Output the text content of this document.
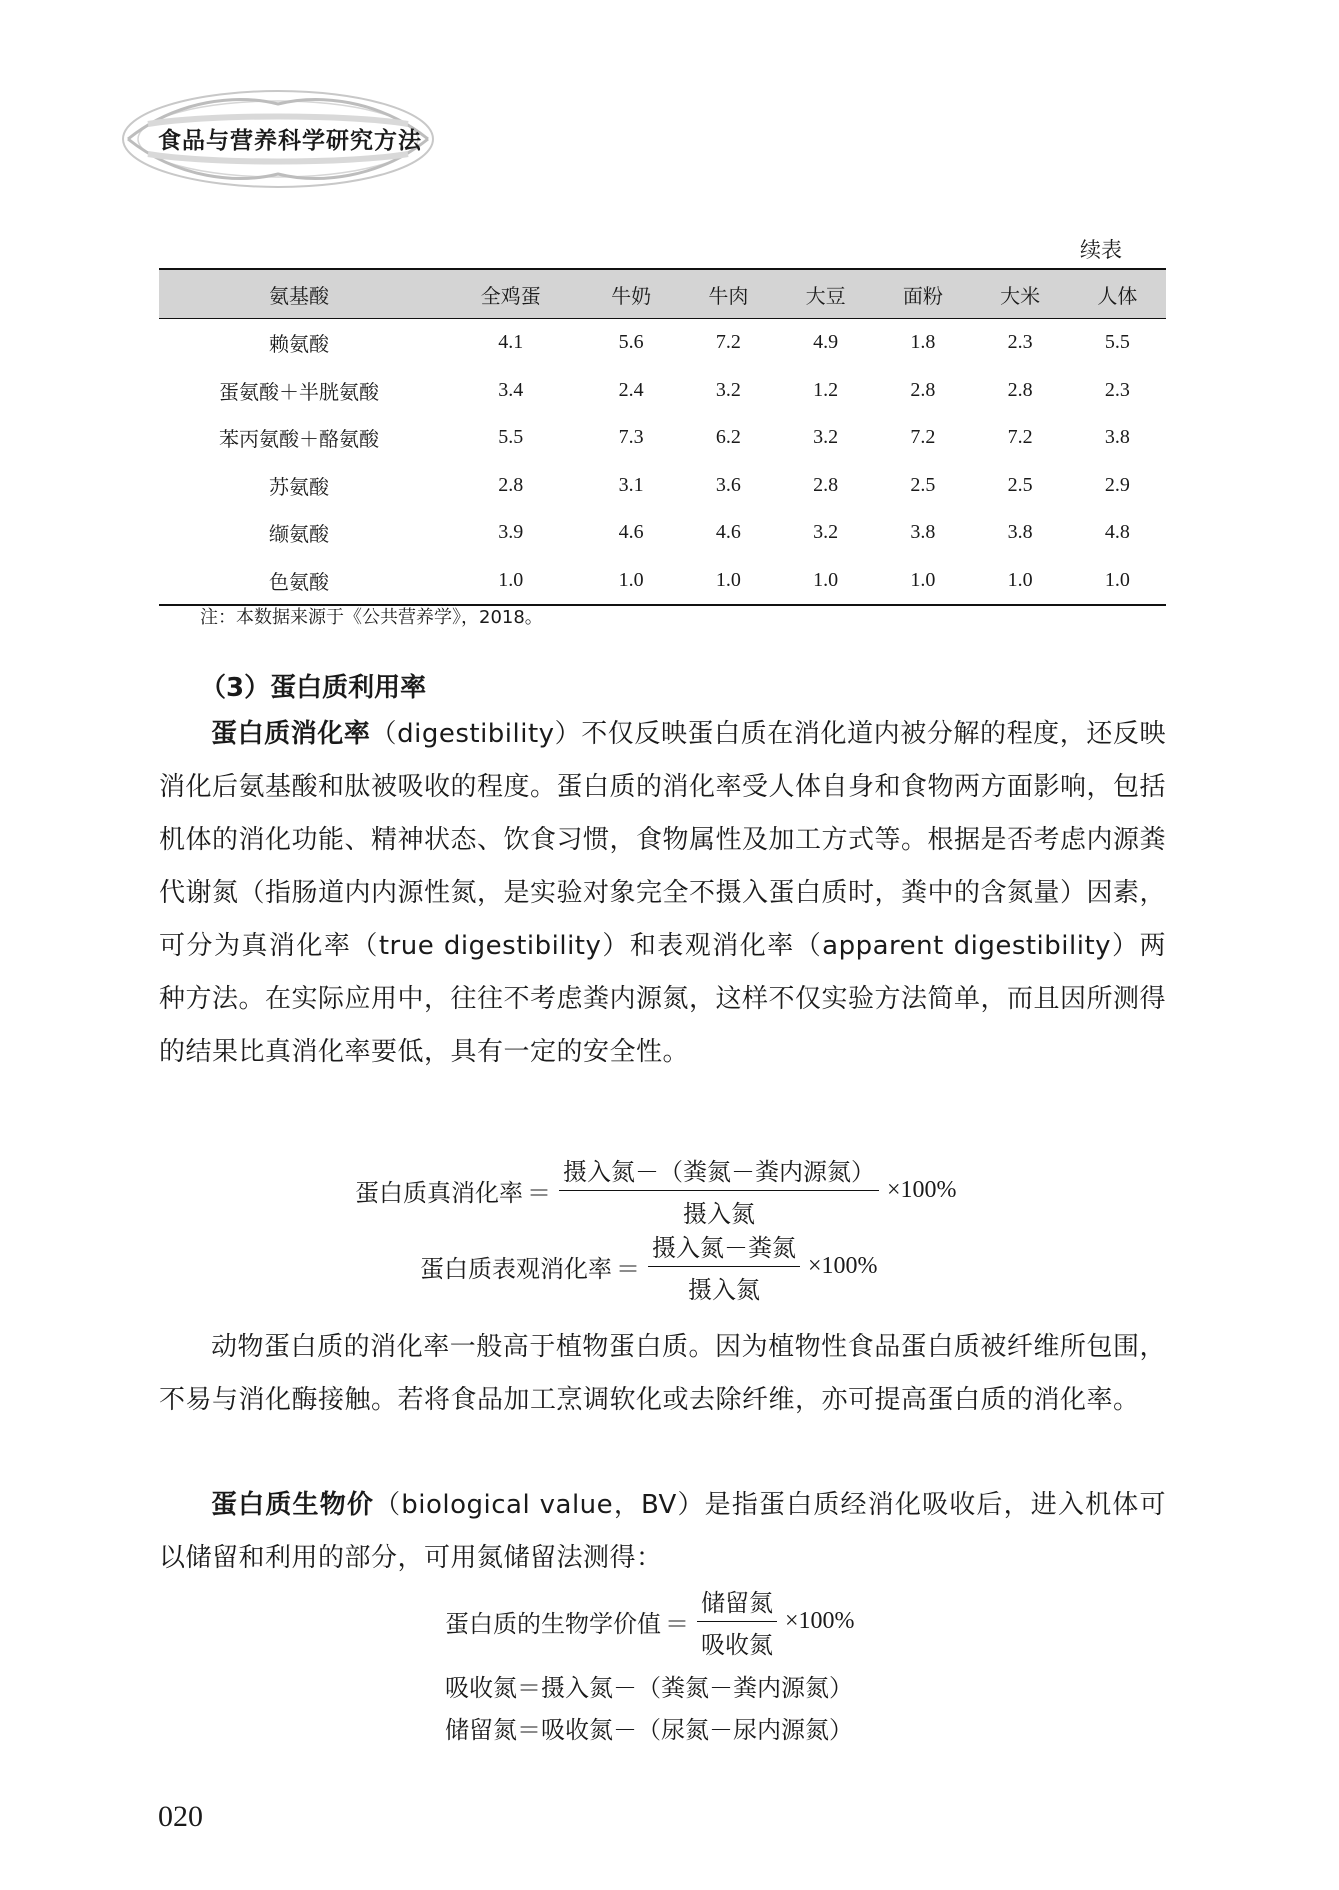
食品与营养科学研究方法
续表
氨基酸	全鸡蛋	牛奶	牛肉	大豆	面粉	大米	人体
赖氨酸	4.1	5.6	7.2	4.9	1.8	2.3	5.5
蛋氨酸＋半胱氨酸	3.4	2.4	3.2	1.2	2.8	2.8	2.3
苯丙氨酸＋酪氨酸	5.5	7.3	6.2	3.2	7.2	7.2	3.8
苏氨酸	2.8	3.1	3.6	2.8	2.5	2.5	2.9
缬氨酸	3.9	4.6	4.6	3.2	3.8	3.8	4.8
色氨酸	1.0	1.0	1.0	1.0	1.0	1.0	1.0
注：本数据来源于《公共营养学》，2018。
（3）蛋白质利用率

蛋白质消化率（digestibility）不仅反映蛋白质在消化道内被分解的程度，还反映消化后氨基酸和肽被吸收的程度。蛋白质的消化率受人体自身和食物两方面影响，包括机体的消化功能、精神状态、饮食习惯，食物属性及加工方式等。根据是否考虑内源粪代谢氮（指肠道内内源性氮，是实验对象完全不摄入蛋白质时，粪中的含氮量）因素，可分为真消化率（true digestibility）和表观消化率（apparent digestibility）两种方法。在实际应用中，往往不考虑粪内源氮，这样不仅实验方法简单，而且因所测得的结果比真消化率要低，具有一定的安全性。

蛋白质真消化率 ＝ $\frac{\text{摄入氮－（粪氮－粪内源氮）}}{\text{摄入氮}} \times 100\%$
蛋白质表观消化率 ＝ $\frac{\text{摄入氮－粪氮}}{\text{摄入氮}} \times 100\%$

动物蛋白质的消化率一般高于植物蛋白质。因为植物性食品蛋白质被纤维所包围，不易与消化酶接触。若将食品加工烹调软化或去除纤维，亦可提高蛋白质的消化率。

蛋白质生物价（biological value，BV）是指蛋白质经消化吸收后，进入机体可以储留和利用的部分，可用氮储留法测得：

蛋白质的生物学价值 ＝ $\frac{\text{储留氮}}{\text{吸收氮}} \times 100\%$
吸收氮＝摄入氮－（粪氮－粪内源氮）
储留氮＝吸收氮－（尿氮－尿内源氮）
020
